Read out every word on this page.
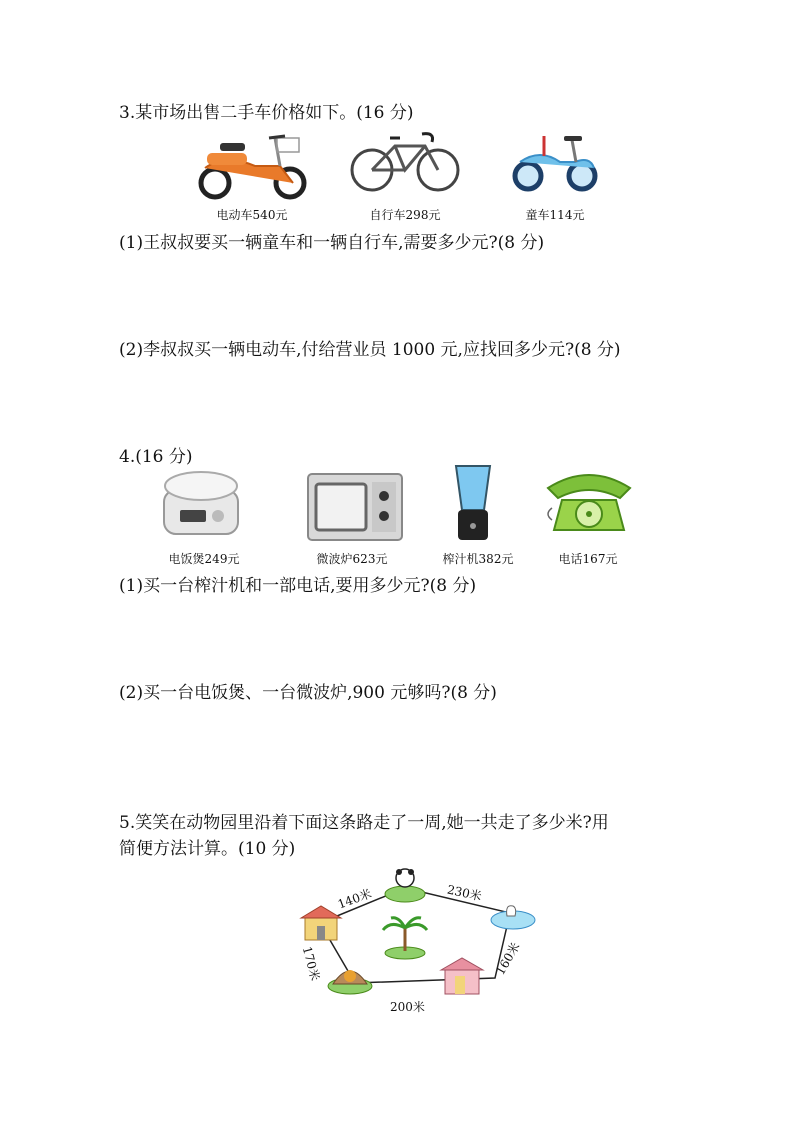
3.某市场出售二手车价格如下。(16 分)
电动车540元	自行车298元	童车114元
(1)王叔叔要买一辆童车和一辆自行车,需要多少元?(8 分)
(2)李叔叔买一辆电动车,付给营业员 1000 元,应找回多少元?(8 分)
4.(16 分)
电饭煲249元	微波炉623元	榨汁机382元	电话167元
(1)买一台榨汁机和一部电话,要用多少元?(8 分)
(2)买一台电饭煲、一台微波炉,900 元够吗?(8 分)
5.笑笑在动物园里沿着下面这条路走了一周,她一共走了多少米?用
简便方法计算。(10 分)
140米	230米
170米	160米
200米
